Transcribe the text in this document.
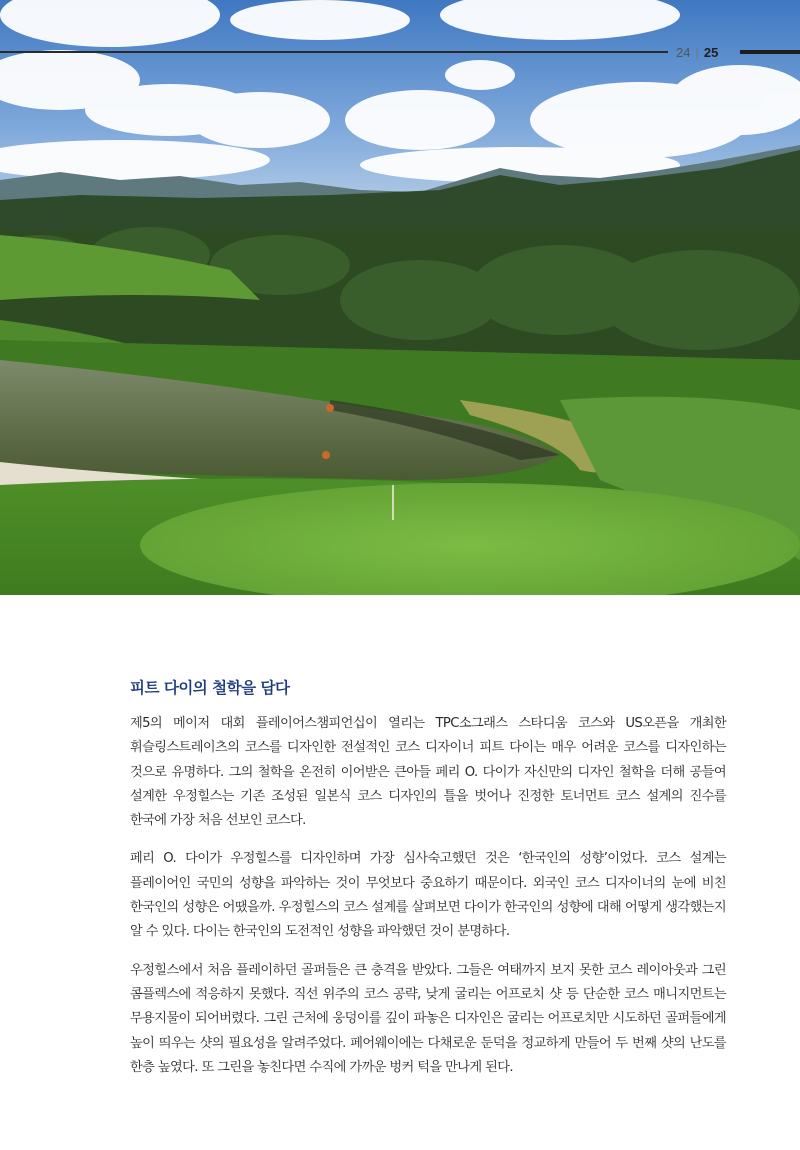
24 | 25
피트 다이의 철학을 담다

제5의 메이저 대회 플레이어스챔피언십이 열리는 TPC소그래스 스타디움 코스와 US오픈을 개최한 휘슬링스트레이츠의 코스를 디자인한 전설적인 코스 디자이너 피트 다이는 매우 어려운 코스를 디자인하는 것으로 유명하다. 그의 철학을 온전히 이어받은 큰아들 페리 O. 다이가 자신만의 디자인 철학을 더해 공들여 설계한 우정힐스는 기존 조성된 일본식 코스 디자인의 틀을 벗어나 진정한 토너먼트 코스 설계의 진수를 한국에 가장 처음 선보인 코스다.

페리 O. 다이가 우정힐스를 디자인하며 가장 심사숙고했던 것은 ‘한국인의 성향’이었다. 코스 설계는 플레이어인 국민의 성향을 파악하는 것이 무엇보다 중요하기 때문이다. 외국인 코스 디자이너의 눈에 비친 한국인의 성향은 어땠을까. 우정힐스의 코스 설계를 살펴보면 다이가 한국인의 성향에 대해 어떻게 생각했는지 알 수 있다. 다이는 한국인의 도전적인 성향을 파악했던 것이 분명하다.

우정힐스에서 처음 플레이하던 골퍼들은 큰 충격을 받았다. 그들은 여태까지 보지 못한 코스 레이아웃과 그린 콤플렉스에 적응하지 못했다. 직선 위주의 코스 공략, 낮게 굴리는 어프로치 샷 등 단순한 코스 매니지먼트는 무용지물이 되어버렸다. 그린 근처에 웅덩이를 깊이 파놓은 디자인은 굴리는 어프로치만 시도하던 골퍼들에게 높이 띄우는 샷의 필요성을 알려주었다. 페어웨이에는 다채로운 둔덕을 정교하게 만들어 두 번째 샷의 난도를 한층 높였다. 또 그린을 놓친다면 수직에 가까운 벙커 턱을 만나게 된다.
